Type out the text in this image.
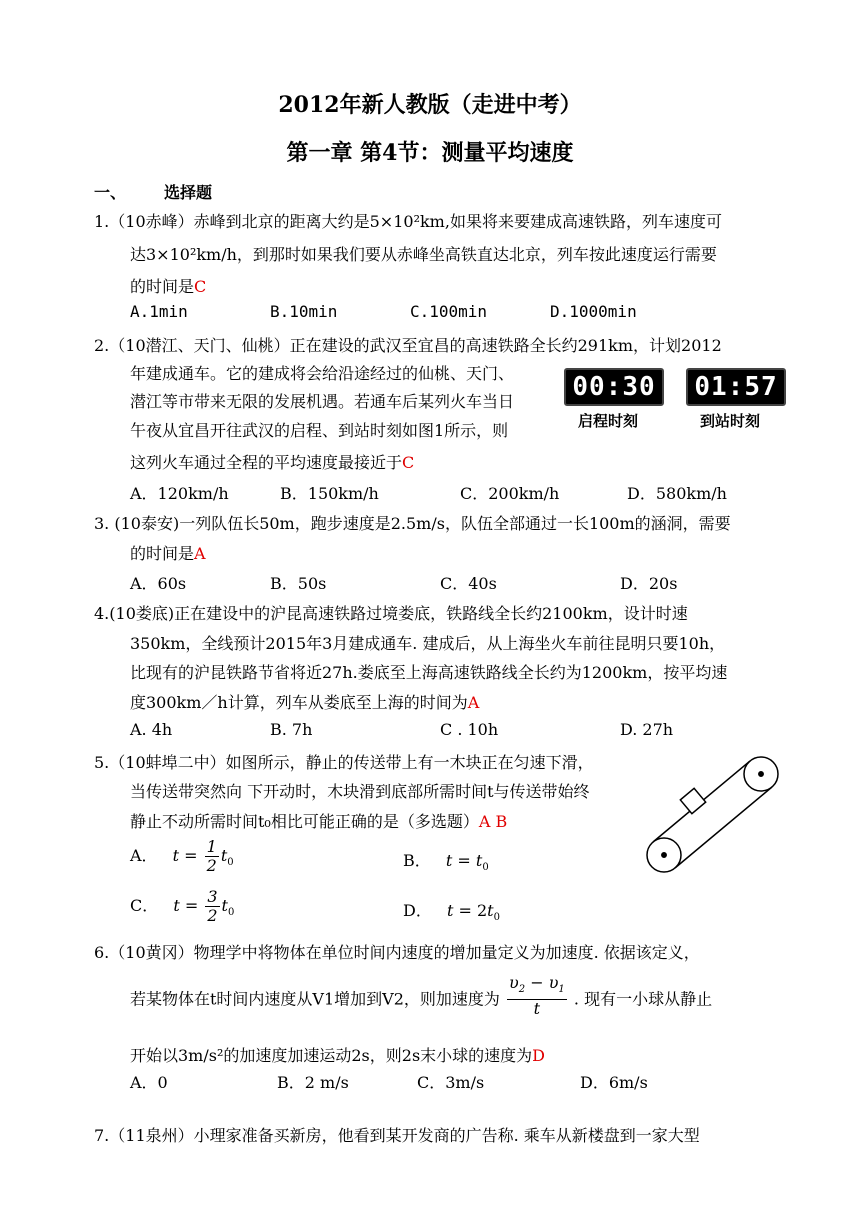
2012年新人教版（走进中考）
第一章 第4节：测量平均速度
一、 选择题
1.（10赤峰）赤峰到北京的距离大约是5×10²km,如果将来要建成高速铁路，列车速度可
达3×10²km/h，到那时如果我们要从赤峰坐高铁直达北京，列车按此速度运行需要
的时间是C
A.1min	B.10min	C.100min	D.1000min
2.（10潜江、天门、仙桃）正在建设的武汉至宜昌的高速铁路全长约291km，计划2012
年建成通车。它的建成将会给沿途经过的仙桃、天门、
潜江等市带来无限的发展机遇。若通车后某列火车当日
午夜从宜昌开往武汉的启程、到站时刻如图1所示，则
这列火车通过全程的平均速度最接近于C
00:30	01:57
启程时刻	到站时刻
A．120km/h	B．150km/h	C．200km/h	D．580km/h
3. (10泰安)一列队伍长50m，跑步速度是2.5m/s，队伍全部通过一长100m的涵洞，需要
的时间是A
A．60s	B．50s	C．40s	D．20s
4.(10娄底)正在建设中的沪昆高速铁路过境娄底，铁路线全长约2100km，设计时速
350km，全线预计2015年3月建成通车. 建成后，从上海坐火车前往昆明只要10h，
比现有的沪昆铁路节省将近27h.娄底至上海高速铁路线全长约为1200km，按平均速
度300km／h计算，列车从娄底至上海的时间为A
A. 4h	B. 7h	C . 10h	D. 27h
5.（10蚌埠二中）如图所示，静止的传送带上有一木块正在匀速下滑，
当传送带突然向 下开动时，木块滑到底部所需时间t与传送带始终
静止不动所需时间t₀相比可能正确的是（多选题）A B
A． $t = \frac{1}{2} t_0$	B． $t = t_0$
C． $t = \frac{3}{2} t_0$	D． $t = 2t_0$
6.（10黄冈）物理学中将物体在单位时间内速度的增加量定义为加速度. 依据该定义，
若某物体在t时间内速度从V1增加到V2，则加速度为 $\frac{\upsilon_2 - \upsilon_1}{t}$ . 现有一小球从静止
开始以3m/s²的加速度加速运动2s，则2s末小球的速度为D
A．0	B．2 m/s	C．3m/s	D．6m/s
7.（11泉州）小理家准备买新房，他看到某开发商的广告称. 乘车从新楼盘到一家大型
